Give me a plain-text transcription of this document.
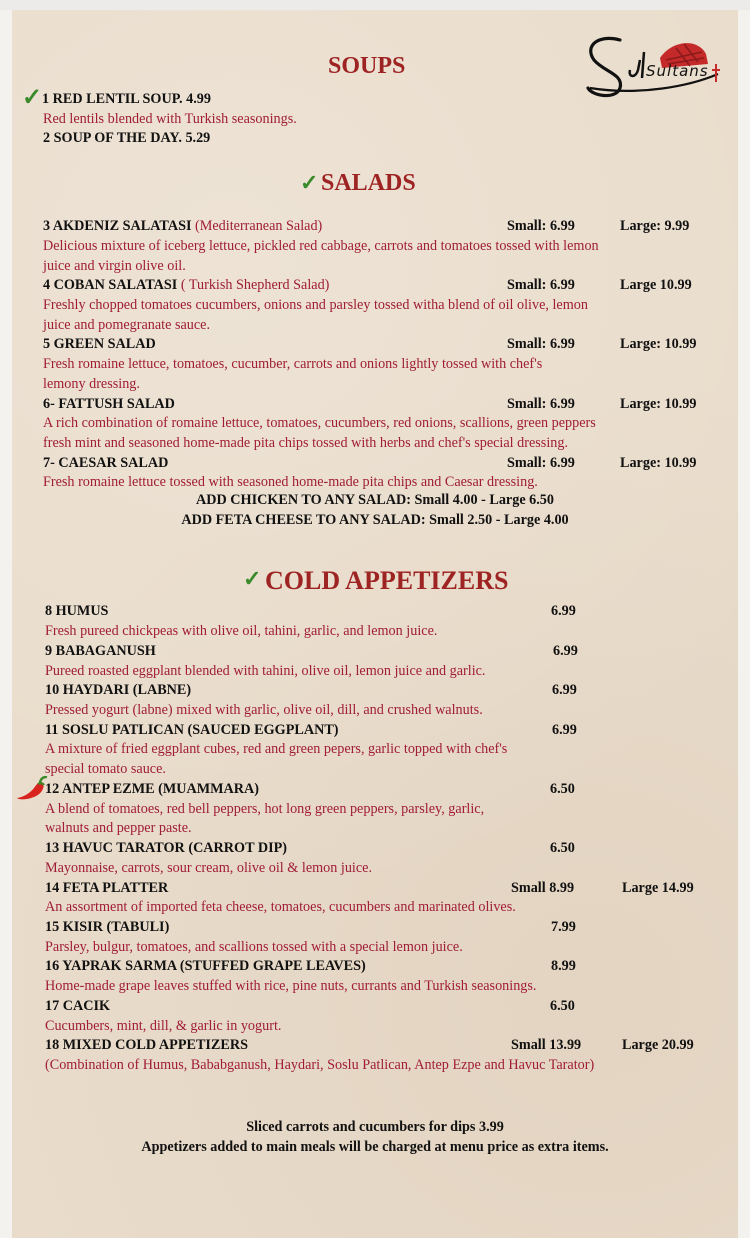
Sultans
SOUPS
✓ 1 RED LENTIL SOUP. 4.99
Red lentils blended with Turkish seasonings.
2 SOUP OF THE DAY. 5.29
✓ SALADS
3 AKDENIZ SALATASI (Mediterranean Salad)	Small: 6.99	Large: 9.99
Delicious mixture of iceberg lettuce, pickled red cabbage, carrots and tomatoes tossed with lemon
juice and virgin olive oil.
4 COBAN SALATASI ( Turkish Shepherd Salad)	Small: 6.99	Large 10.99
Freshly chopped tomatoes cucumbers, onions and parsley tossed witha blend of oil olive, lemon
juice and pomegranate sauce.
5 GREEN SALAD	Small: 6.99	Large: 10.99
Fresh romaine lettuce, tomatoes, cucumber, carrots and onions lightly tossed with chef's
lemony dressing.
6- FATTUSH SALAD	Small: 6.99	Large: 10.99
A rich combination of romaine lettuce, tomatoes, cucumbers, red onions, scallions, green peppers
fresh mint and seasoned home-made pita chips tossed with herbs and chef's special dressing.
7- CAESAR SALAD	Small: 6.99	Large: 10.99
Fresh romaine lettuce tossed with seasoned home-made pita chips and Caesar dressing.
ADD CHICKEN TO ANY SALAD: Small 4.00 - Large 6.50
ADD FETA CHEESE TO ANY SALAD: Small 2.50 - Large 4.00
✓ COLD APPETIZERS
8 HUMUS	6.99
Fresh pureed chickpeas with olive oil, tahini, garlic, and lemon juice.
9 BABAGANUSH	6.99
Pureed roasted eggplant blended with tahini, olive oil, lemon juice and garlic.
10 HAYDARI (LABNE)	6.99
Pressed yogurt (labne) mixed with garlic, olive oil, dill, and crushed walnuts.
11 SOSLU PATLICAN (SAUCED EGGPLANT)	6.99
A mixture of fried eggplant cubes, red and green pepers, garlic topped with chef's
special tomato sauce.
12 ANTEP EZME (MUAMMARA)	6.50
A blend of tomatoes, red bell peppers, hot long green peppers, parsley, garlic,
walnuts and pepper paste.
13 HAVUC TARATOR (CARROT DIP)	6.50
Mayonnaise, carrots, sour cream, olive oil & lemon juice.
14 FETA PLATTER	Small 8.99	Large 14.99
An assortment of imported feta cheese, tomatoes, cucumbers and marinated olives.
15 KISIR (TABULI)	7.99
Parsley, bulgur, tomatoes, and scallions tossed with a special lemon juice.
16 YAPRAK SARMA (STUFFED GRAPE LEAVES)	8.99
Home-made grape leaves stuffed with rice, pine nuts, currants and Turkish seasonings.
17 CACIK	6.50
Cucumbers, mint, dill, & garlic in yogurt.
18 MIXED COLD APPETIZERS	Small 13.99	Large 20.99
(Combination of Humus, Bababganush, Haydari, Soslu Patlican, Antep Ezpe and Havuc Tarator)
Sliced carrots and cucumbers for dips 3.99
Appetizers added to main meals will be charged at menu price as extra items.
